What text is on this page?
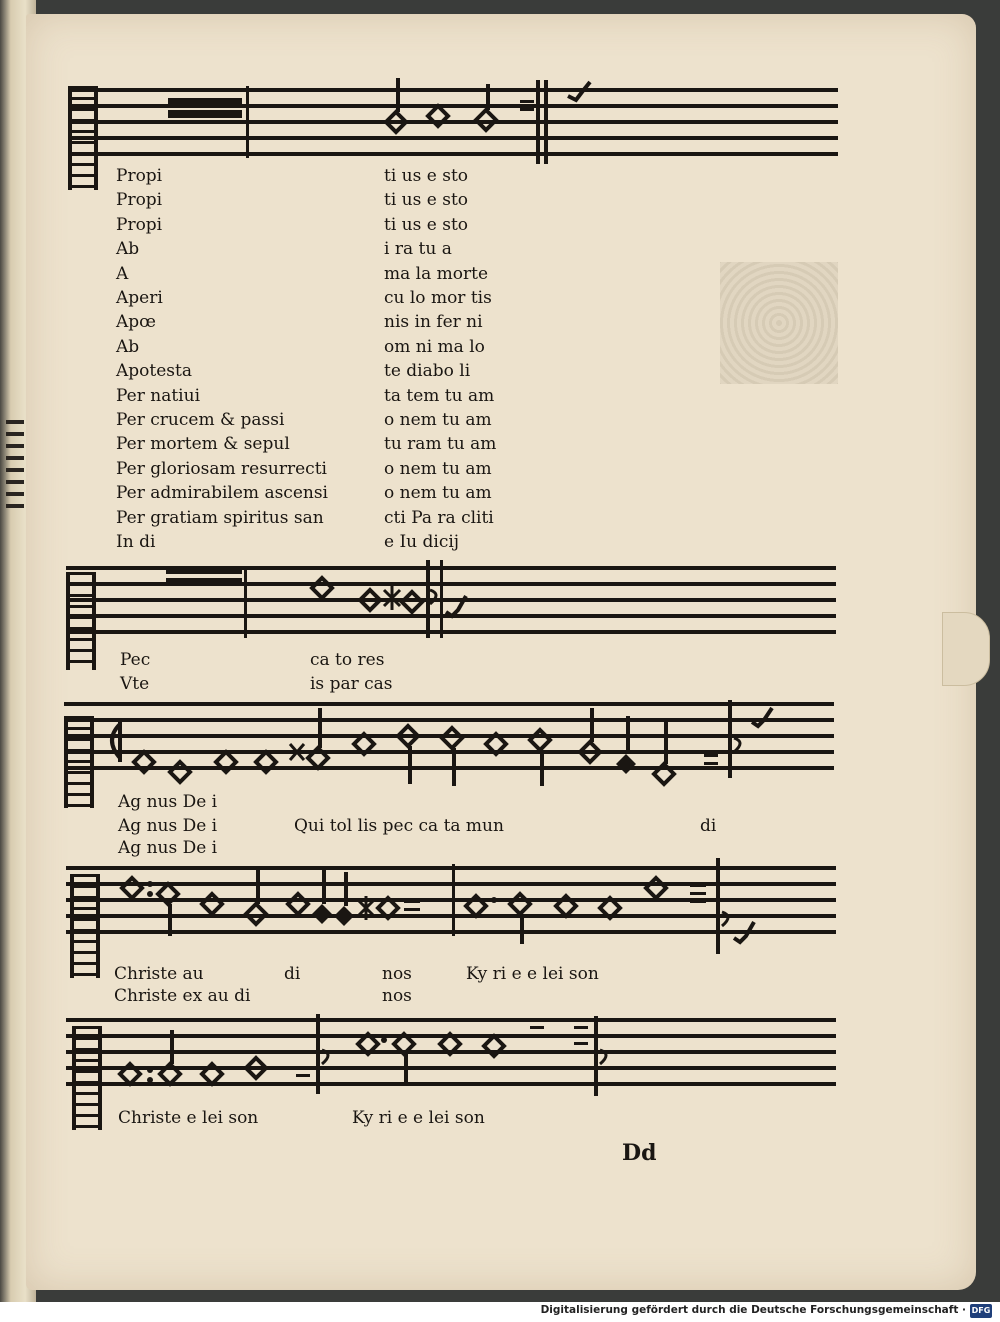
Propi	ti us e sto
Propi	ti us e sto
Propi	ti us e sto
Ab	i ra tu a
A	ma la morte
Aperi	cu lo mor tis
Apœ	nis in fer ni
Ab	om ni ma lo
Apotesta	te diabo li
Per natiui	ta tem tu am
Per crucem & passi	o nem tu am
Per mortem & sepul	tu ram tu am
Per gloriosam resurrecti	o nem tu am
Per admirabilem ascensi	o nem tu am
Per gratiam spiritus san	cti Pa ra cliti
In di	e Iu dicij
Pec	ca to res
Vte	is par cas
Ag nus De i
Ag nus De i	Qui tol lis pec ca ta mun	di
Ag nus De i
Christe au	di	nos	Ky ri e e lei son
Christe ex au di	nos
Christe e lei son	Ky ri e e lei son
Dd
Digitalisierung gefördert durch die Deutsche Forschungsgemeinschaft · DFG
